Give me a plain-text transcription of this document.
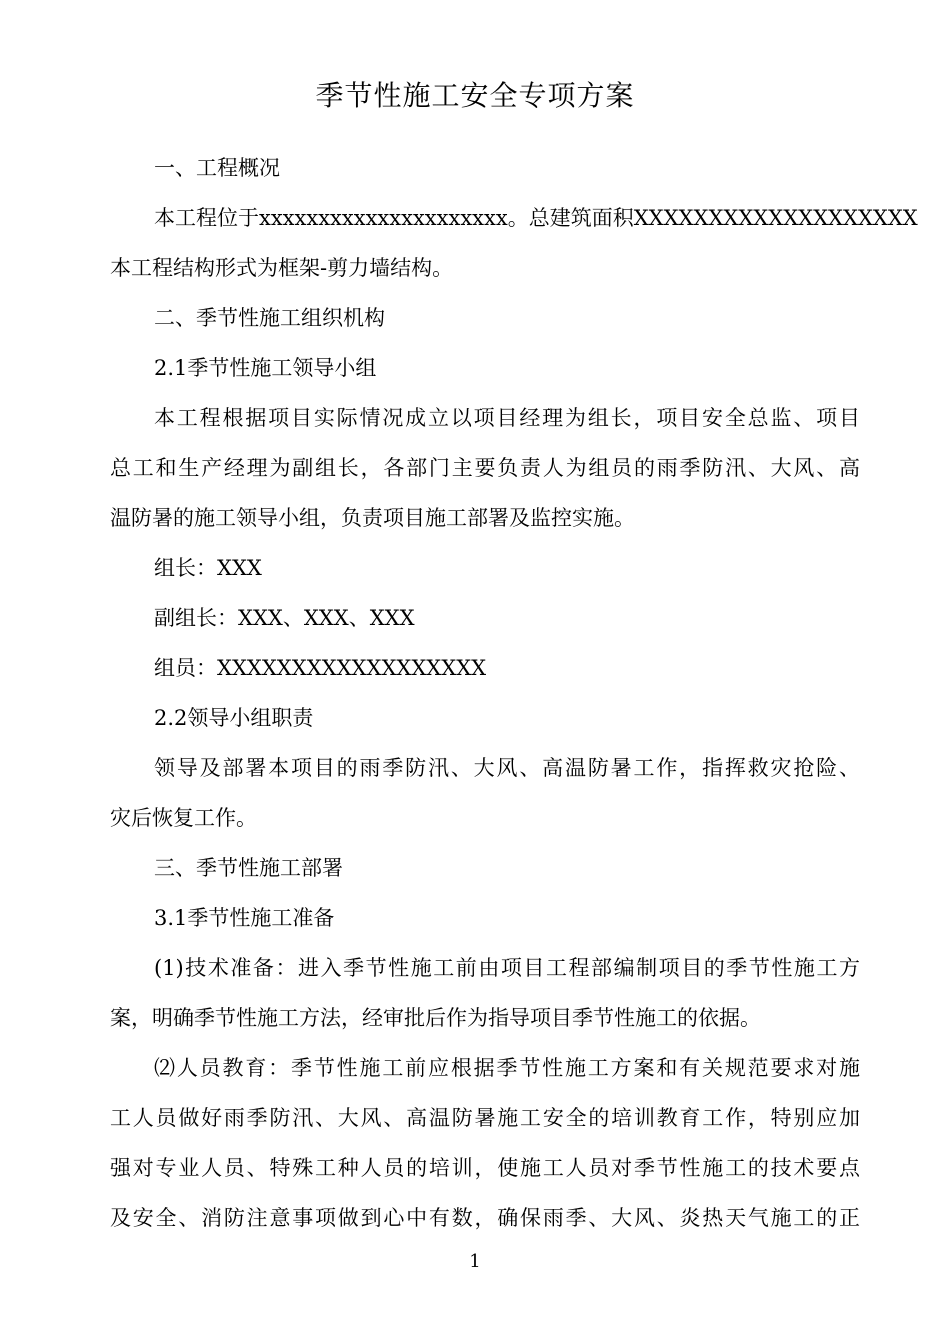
季节性施工安全专项方案
一、工程概况
本工程位于xxxxxxxxxxxxxxxxxxxxx。总建筑面积XXXXXXXXXXXXXXXXXXX
本工程结构形式为框架-剪力墙结构。
二、季节性施工组织机构
2.1季节性施工领导小组
本工程根据项目实际情况成立以项目经理为组长，项目安全总监、项目
总工和生产经理为副组长，各部门主要负责人为组员的雨季防汛、大风、高
温防暑的施工领导小组，负责项目施工部署及监控实施。
组长：XXX
副组长：XXX、XXX、XXX
组员：XXXXXXXXXXXXXXXXXX
2.2领导小组职责
领导及部署本项目的雨季防汛、大风、高温防暑工作，指挥救灾抢险、
灾后恢复工作。
三、季节性施工部署
3.1季节性施工准备
(1)技术准备：进入季节性施工前由项目工程部编制项目的季节性施工方
案，明确季节性施工方法，经审批后作为指导项目季节性施工的依据。
⑵人员教育：季节性施工前应根据季节性施工方案和有关规范要求对施
工人员做好雨季防汛、大风、高温防暑施工安全的培训教育工作，特别应加
强对专业人员、特殊工种人员的培训，使施工人员对季节性施工的技术要点
及安全、消防注意事项做到心中有数，确保雨季、大风、炎热天气施工的正
1
